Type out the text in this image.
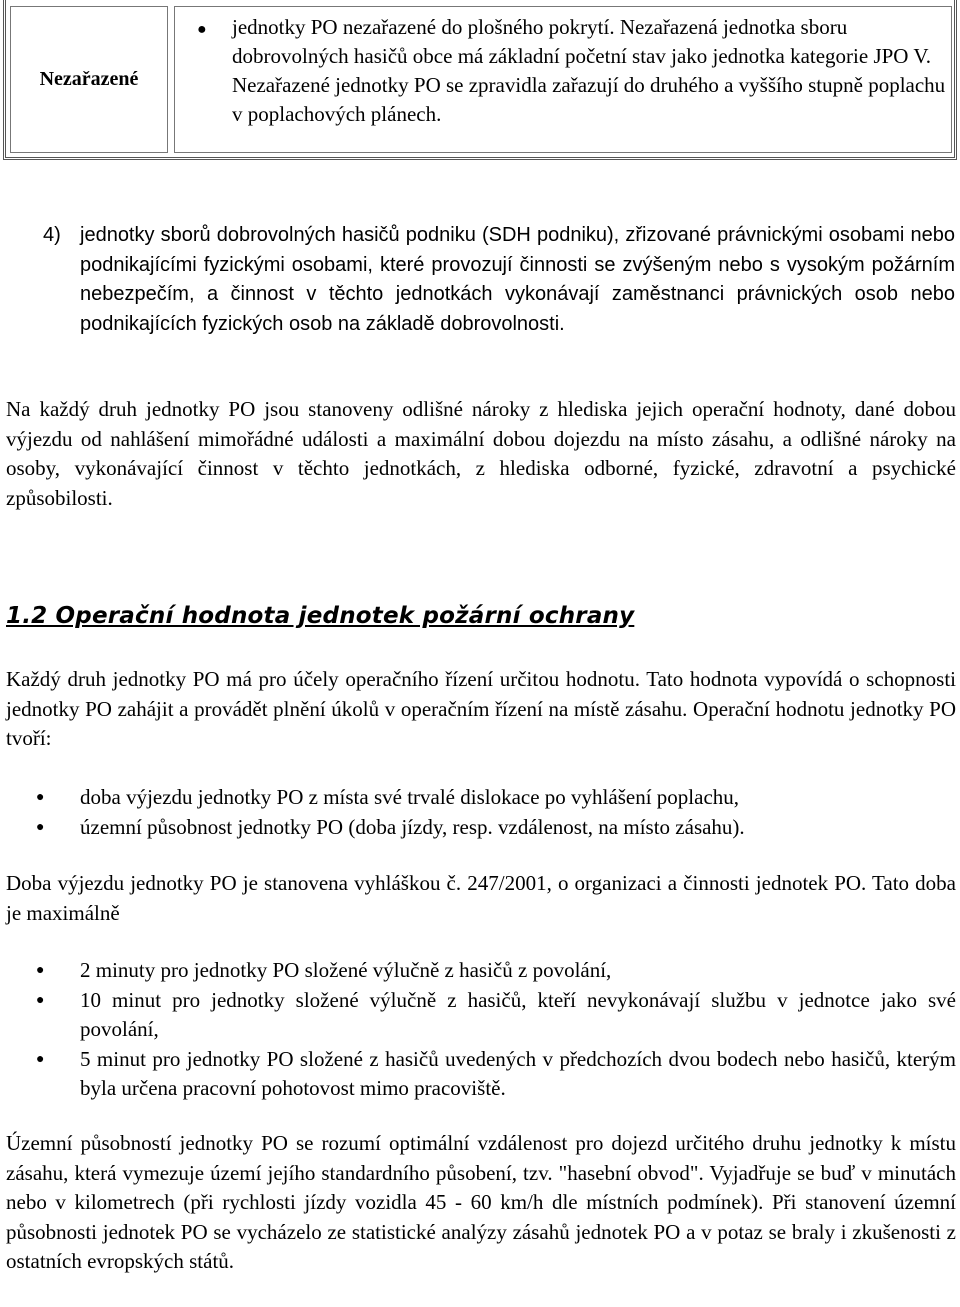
Nezařazené
● jednotky PO nezařazené do plošného pokrytí. Nezařazená jednotka sboru dobrovolných hasičů obce má základní početní stav jako jednotka kategorie JPO V. Nezařazené jednotky PO se zpravidla zařazují do druhého a vyššího stupně poplachu v poplachových plánech.
4) jednotky sborů dobrovolných hasičů podniku (SDH podniku), zřizované právnickými osobami nebo podnikajícími fyzickými osobami, které provozují činnosti se zvýšeným nebo s vysokým požárním nebezpečím, a činnost v těchto jednotkách vykonávají zaměstnanci právnických osob nebo podnikajících fyzických osob na základě dobrovolnosti.
Na každý druh jednotky PO jsou stanoveny odlišné nároky z hlediska jejich operační hodnoty, dané dobou výjezdu od nahlášení mimořádné události a maximální dobou dojezdu na místo zásahu, a odlišné nároky na osoby, vykonávající činnost v těchto jednotkách, z hlediska odborné, fyzické, zdravotní a psychické způsobilosti.
1.2 Operační hodnota jednotek požární ochrany
Každý druh jednotky PO má pro účely operačního řízení určitou hodnotu. Tato hodnota vypovídá o schopnosti jednotky PO zahájit a provádět plnění úkolů v operačním řízení na místě zásahu. Operační hodnotu jednotky PO tvoří:
● doba výjezdu jednotky PO z místa své trvalé dislokace po vyhlášení poplachu,
● územní působnost jednotky PO (doba jízdy, resp. vzdálenost, na místo zásahu).
Doba výjezdu jednotky PO je stanovena vyhláškou č. 247/2001, o organizaci a činnosti jednotek PO. Tato doba je maximálně
● 2 minuty pro jednotky PO složené výlučně z hasičů z povolání,
● 10 minut pro jednotky složené výlučně z hasičů, kteří nevykonávají službu v jednotce jako své povolání,
● 5 minut pro jednotky PO složené z hasičů uvedených v předchozích dvou bodech nebo hasičů, kterým byla určena pracovní pohotovost mimo pracoviště.
Územní působností jednotky PO se rozumí optimální vzdálenost pro dojezd určitého druhu jednotky k místu zásahu, která vymezuje území jejího standardního působení, tzv. "hasební obvod". Vyjadřuje se buď v minutách nebo v kilometrech (při rychlosti jízdy vozidla 45 - 60 km/h dle místních podmínek). Při stanovení územní působnosti jednotek PO se vycházelo ze statistické analýzy zásahů jednotek PO a v potaz se braly i zkušenosti z ostatních evropských států.
